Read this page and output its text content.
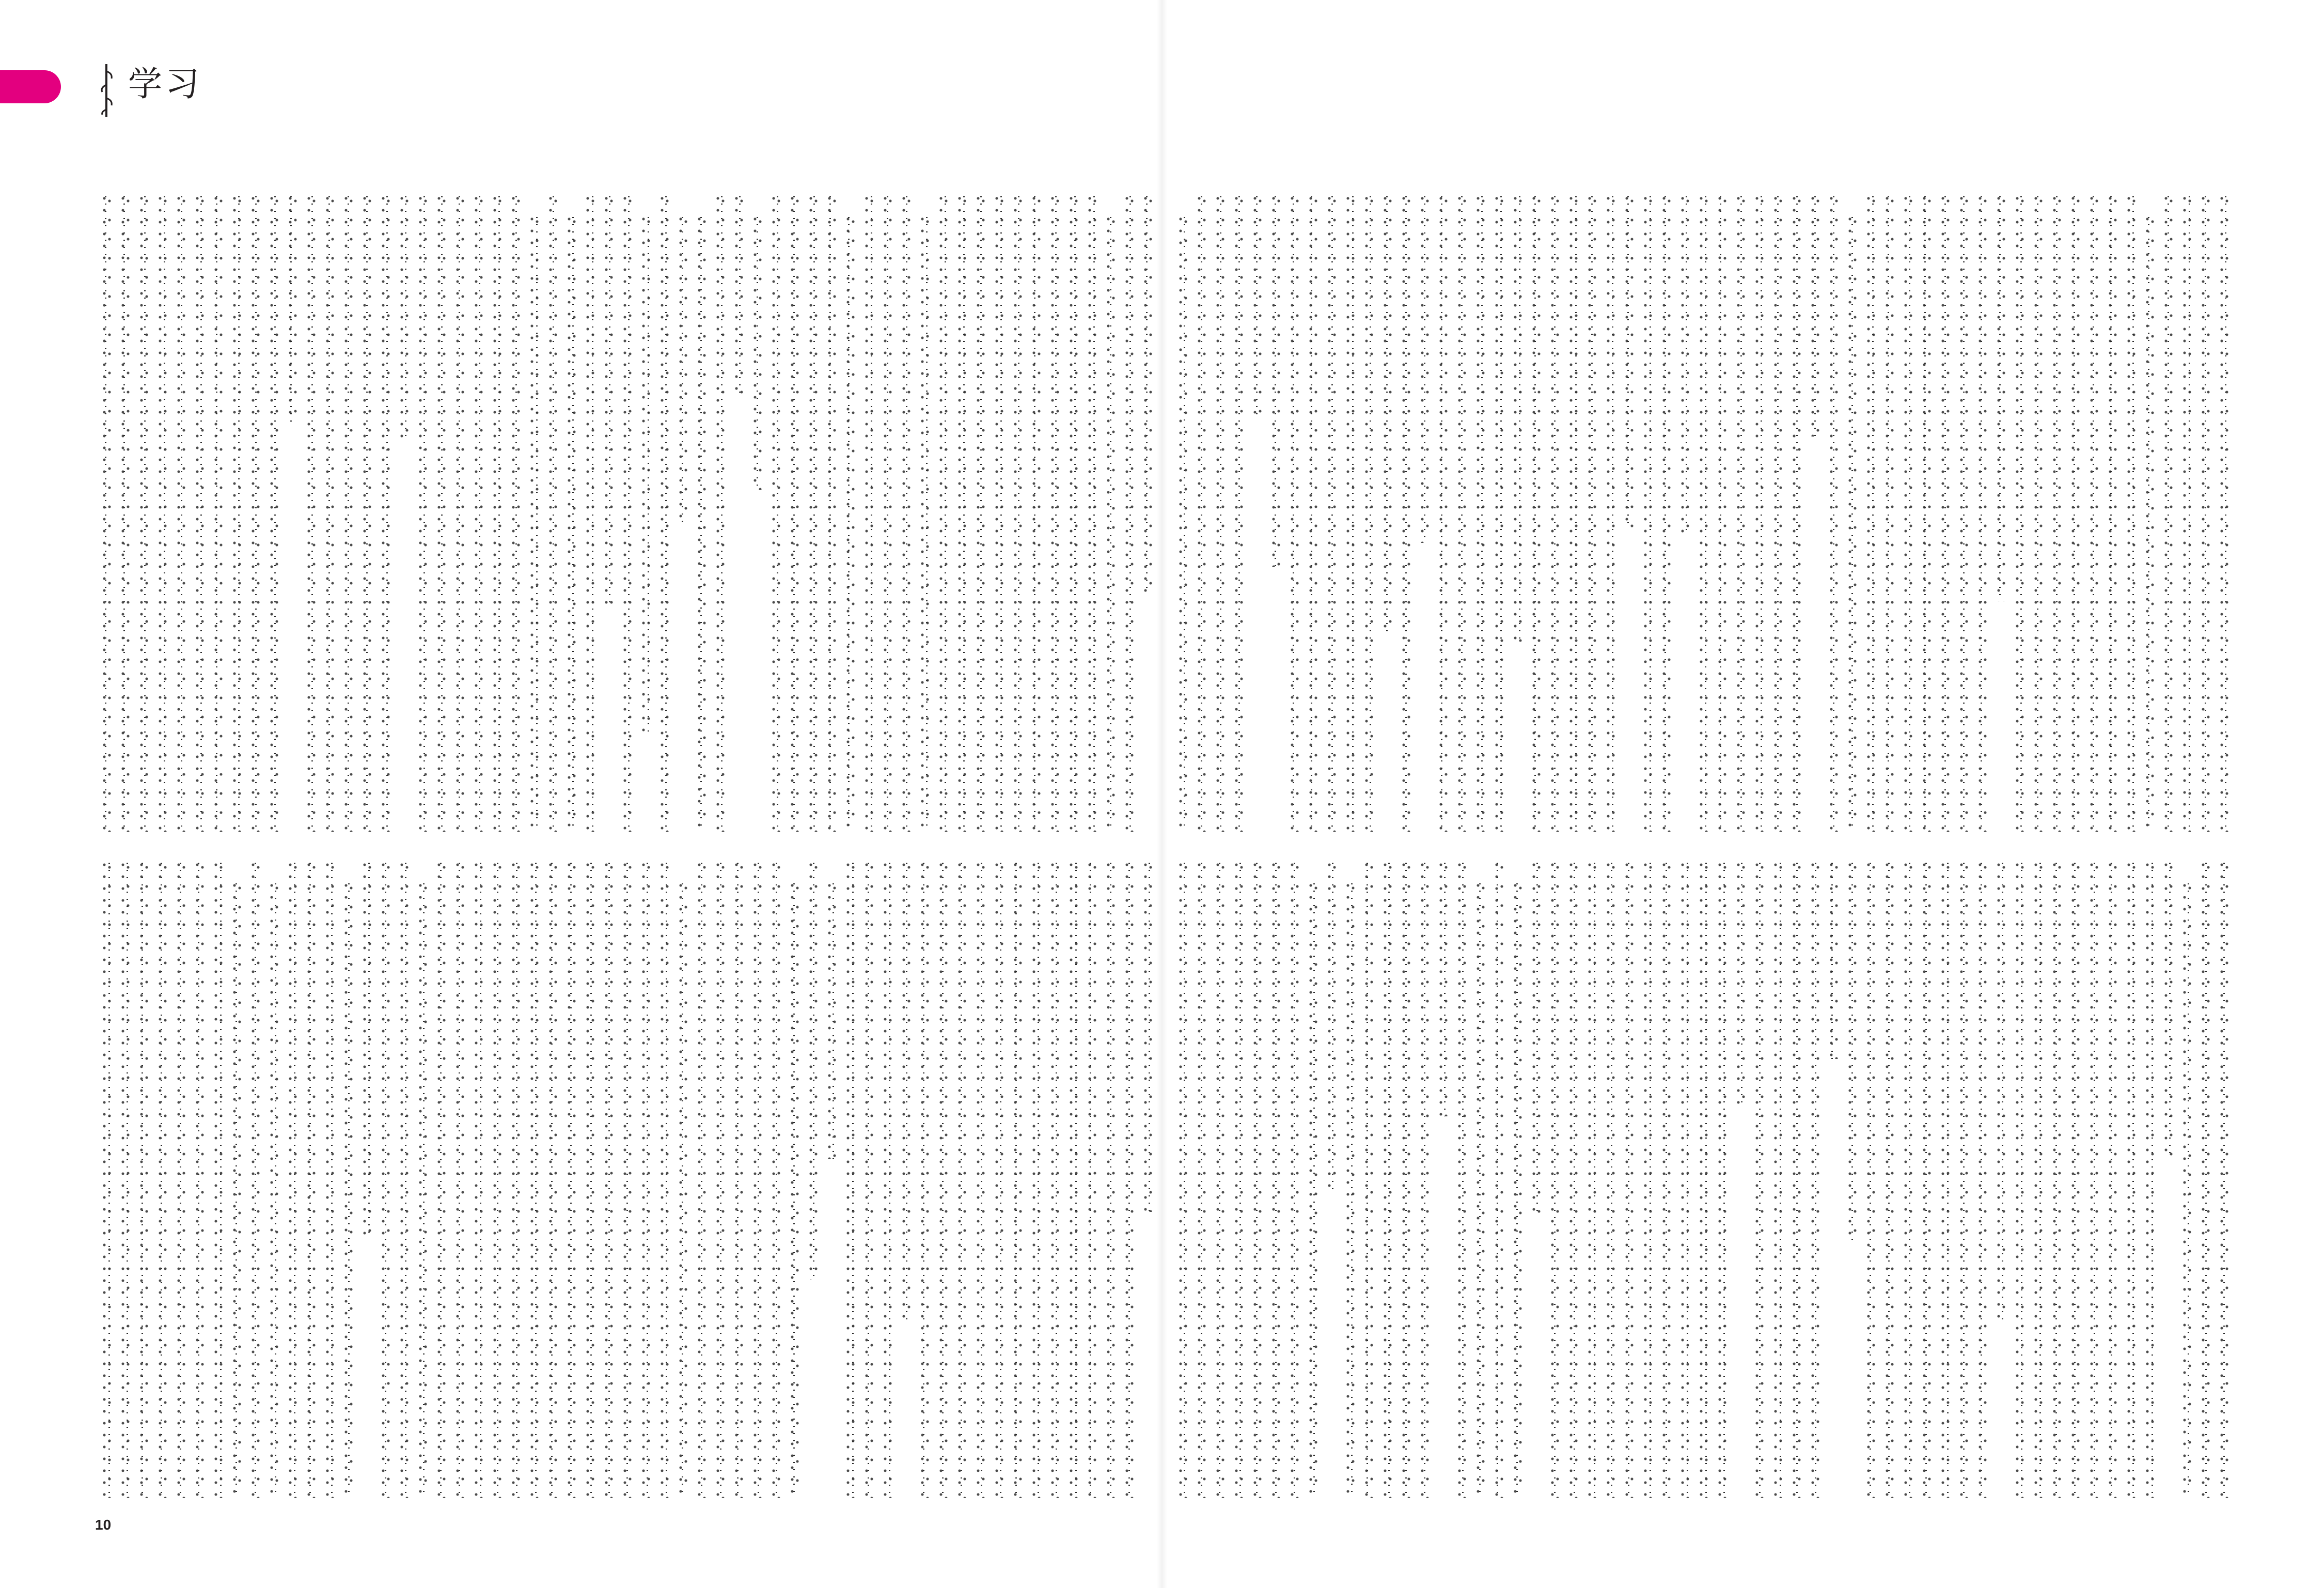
学习
10
